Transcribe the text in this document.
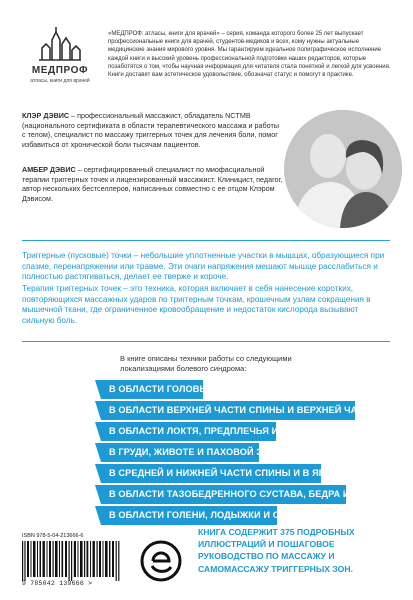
МЕДПРОФ
атласы, книги для врачей
«МЕДПРОФ: атласы, книги для врачей» – серия, команда которого более 25 лет выпускает профессиональные книги для врачей, студентов-медиков и всех, кому нужны актуальные медицинские знания мирового уровня. Мы гарантируем идеальное полиграфическое исполнение каждой книги и высокий уровень профессиональной подготовки наших редакторов, которые позаботятся о том, чтобы научная информация для читателя стала понятной и легкой для усвоения. Книги доставят вам эстетическое удовольствие, обозначат статус и помогут в практике.
КЛЭР ДЭВИС – профессиональный массажист, обладатель NCTMB (национального сертификата в области терапевтического массажа и работы с телом), специалист по массажу триггерных точек для лечения боли, помог избавиться от хронической боли тысячам пациентов.
АМБЕР ДЭВИС – сертифицированный специалист по миофасциальной терапии триггерных точек и лицензированный массажист. Клиницист, педагог, автор нескольких бестселлеров, написанных совместно с ее отцом Клэром Дэвисом.
Триггерные (пусковые) точки – небольшие уплотненные участки в мышцах, образующиеся при спазме, перенапряжении или травме. Эти очаги напряжения мешают мышце расслабиться и полностью растягиваться, делает ее тверже и короче.
Терапия триггерных точек – это техника, которая включает в себя нанесение коротких, повторяющихся массажных ударов по триггерным точкам, крошечным узлам сокращения в мышечной ткани, где ограниченное кровообращение и недостаток кислорода вызывают сильную боль.
В книге описаны техники работы со следующими локализациями болевого синдрома:
В ОБЛАСТИ ГОЛОВЫ И ШЕИ
В ОБЛАСТИ ВЕРХНЕЙ ЧАСТИ СПИНЫ И ВЕРХНЕЙ ЧАСТИ РУКИ
В ОБЛАСТИ ЛОКТЯ, ПРЕДПЛЕЧЬЯ И КИСТИ
В ГРУДИ, ЖИВОТЕ И ПАХОВОЙ ЗОНЕ
В СРЕДНЕЙ И НИЖНЕЙ ЧАСТИ СПИНЫ И В ЯГОДИЦАХ
В ОБЛАСТИ ТАЗОБЕДРЕННОГО СУСТАВА, БЕДРА И КОЛЕНА
В ОБЛАСТИ ГОЛЕНИ, ЛОДЫЖКИ И СТОПЫ
ISBN 978-5-04-213666-6
9 785042 139666 >
КНИГА СОДЕРЖИТ 375 ПОДРОБНЫХ ИЛЛЮСТРАЦИЙ И ПОШАГОВОЕ РУКОВОДСТВО ПО МАССАЖУ И САМОМАССАЖУ ТРИГГЕРНЫХ ЗОН.
